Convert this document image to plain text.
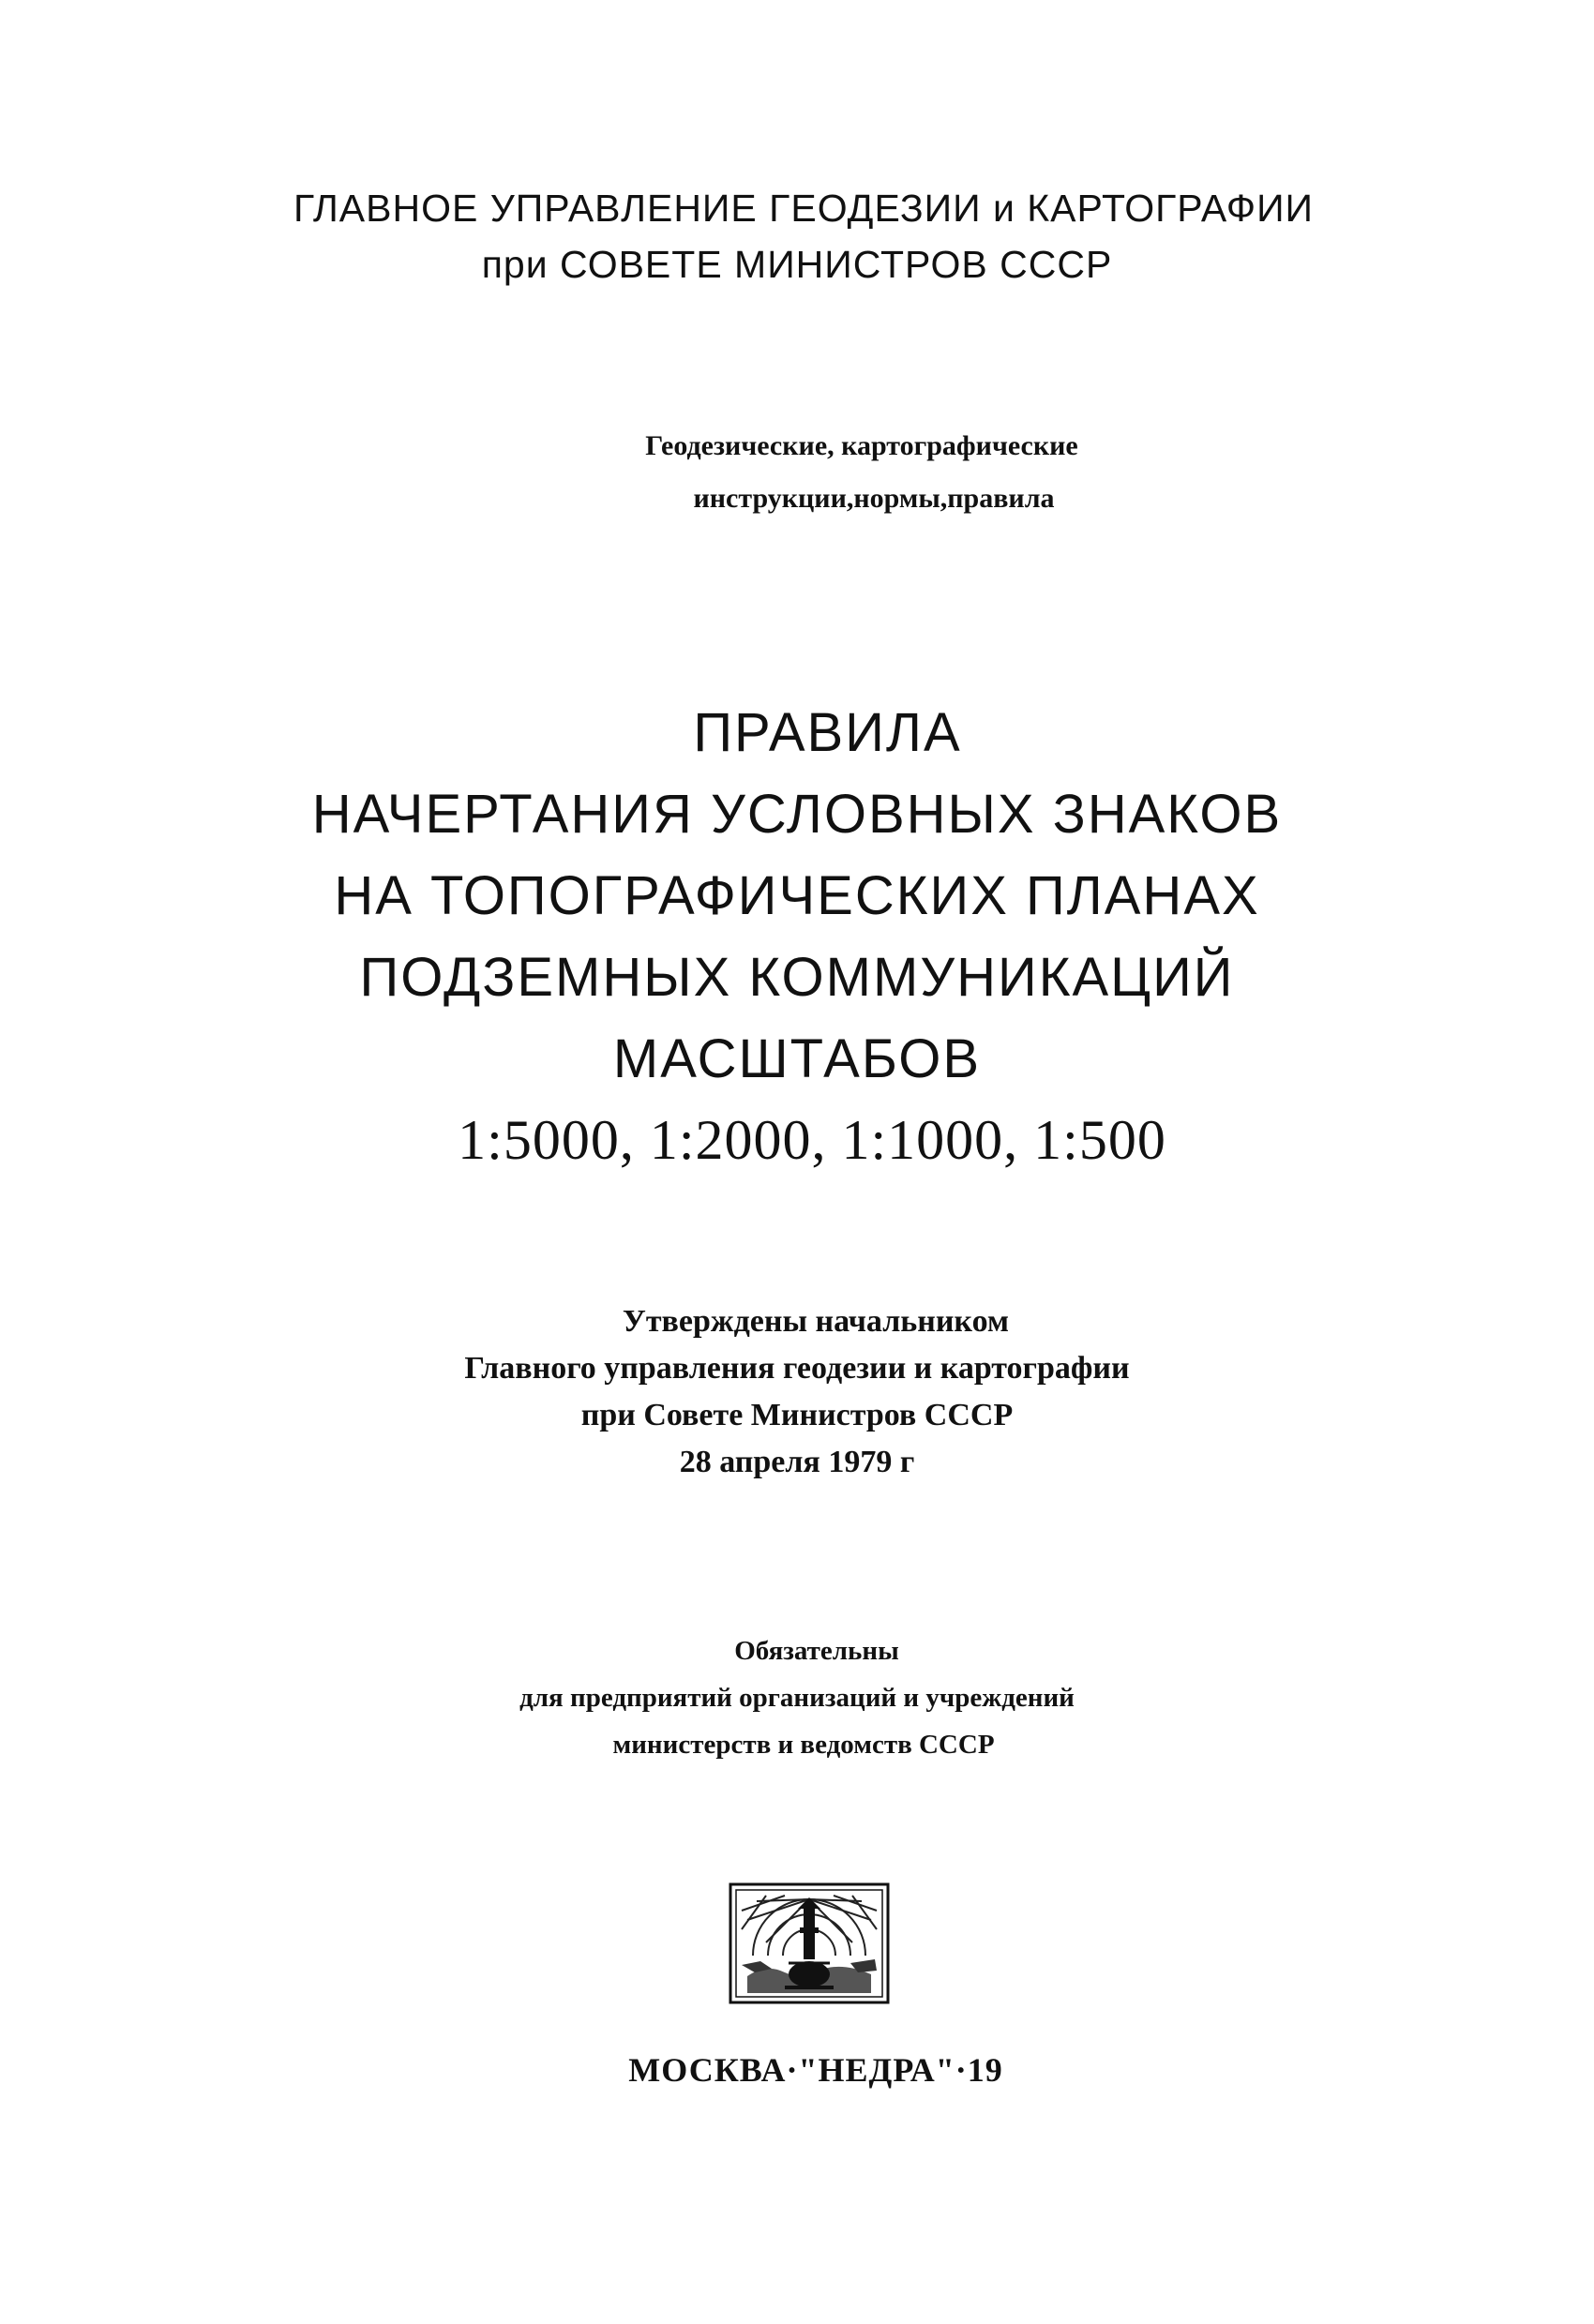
ГЛАВНОЕ УПРАВЛЕНИЕ ГЕОДЕЗИИ и КАРТОГРАФИИ
при СОВЕТЕ МИНИСТРОВ СССР
Геодезические, картографические
инструкции,нормы,правила
ПРАВИЛА
НАЧЕРТАНИЯ УСЛОВНЫХ ЗНАКОВ
НА ТОПОГРАФИЧЕСКИХ ПЛАНАХ
ПОДЗЕМНЫХ КОММУНИКАЦИЙ
МАСШТАБОВ
1:5000, 1:2000, 1:1000, 1:500
Утверждены начальником
Главного управления геодезии и картографии
при Совете Министров СССР
28 апреля 1979 г
Обязательны
для предприятий организаций и учреждений
министерств и ведомств СССР
МОСКВА·"НЕДРА"·19
